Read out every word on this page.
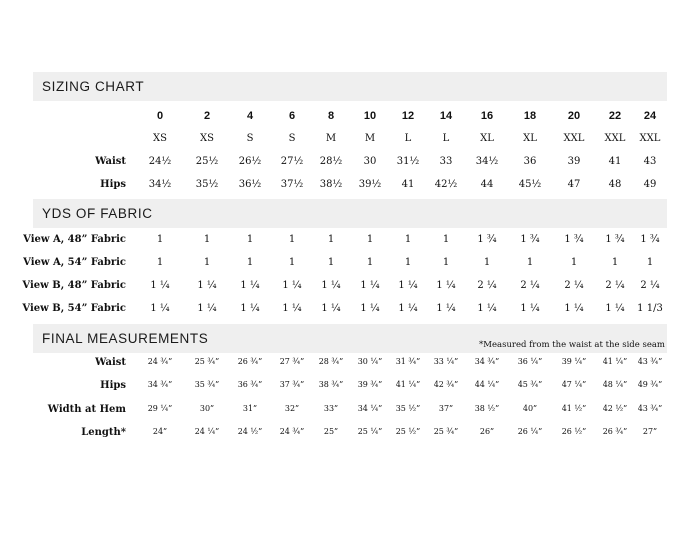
SIZING CHART
YDS OF FABRIC
FINAL MEASUREMENTS	*Measured from the waist at the side seam
0	2	4	6	8	10	12	14	16	18	20	22	24
XS	XS	S	S	M	M	L	L	XL	XL	XXL	XXL	XXL
Waist	24½	25½	26½	27½	28½	30	31½	33	34½	36	39	41	43
Hips	34½	35½	36½	37½	38½	39½	41	42½	44	45½	47	48	49
View A, 48” Fabric	1	1	1	1	1	1	1	1	1 ¾	1 ¾	1 ¾	1 ¾	1 ¾
View A, 54” Fabric	1	1	1	1	1	1	1	1	1	1	1	1	1
View B, 48” Fabric	1 ¼	1 ¼	1 ¼	1 ¼	1 ¼	1 ¼	1 ¼	1 ¼	2 ¼	2 ¼	2 ¼	2 ¼	2 ¼
View B, 54” Fabric	1 ¼	1 ¼	1 ¼	1 ¼	1 ¼	1 ¼	1 ¼	1 ¼	1 ¼	1 ¼	1 ¼	1 ¼	1 1/3
Waist	24 ¾”	25 ¾”	26 ¾”	27 ¾”	28 ¾”	30 ¼”	31 ¾”	33 ¼”	34 ¾”	36 ¼”	39 ¼”	41 ¼”	43 ¾”
Hips	34 ¾”	35 ¾”	36 ¾”	37 ¾”	38 ¾”	39 ¾”	41 ¼”	42 ¾”	44 ¼”	45 ¾”	47 ¼”	48 ¼”	49 ¾”
Width at Hem	29 ¼”	30”	31”	32”	33”	34 ¼”	35 ½”	37”	38 ½”	40”	41 ½”	42 ½”	43 ¾”
Length*	24”	24 ¼”	24 ½”	24 ¾”	25”	25 ¼”	25 ½”	25 ¾”	26”	26 ¼”	26 ½”	26 ¾”	27”
